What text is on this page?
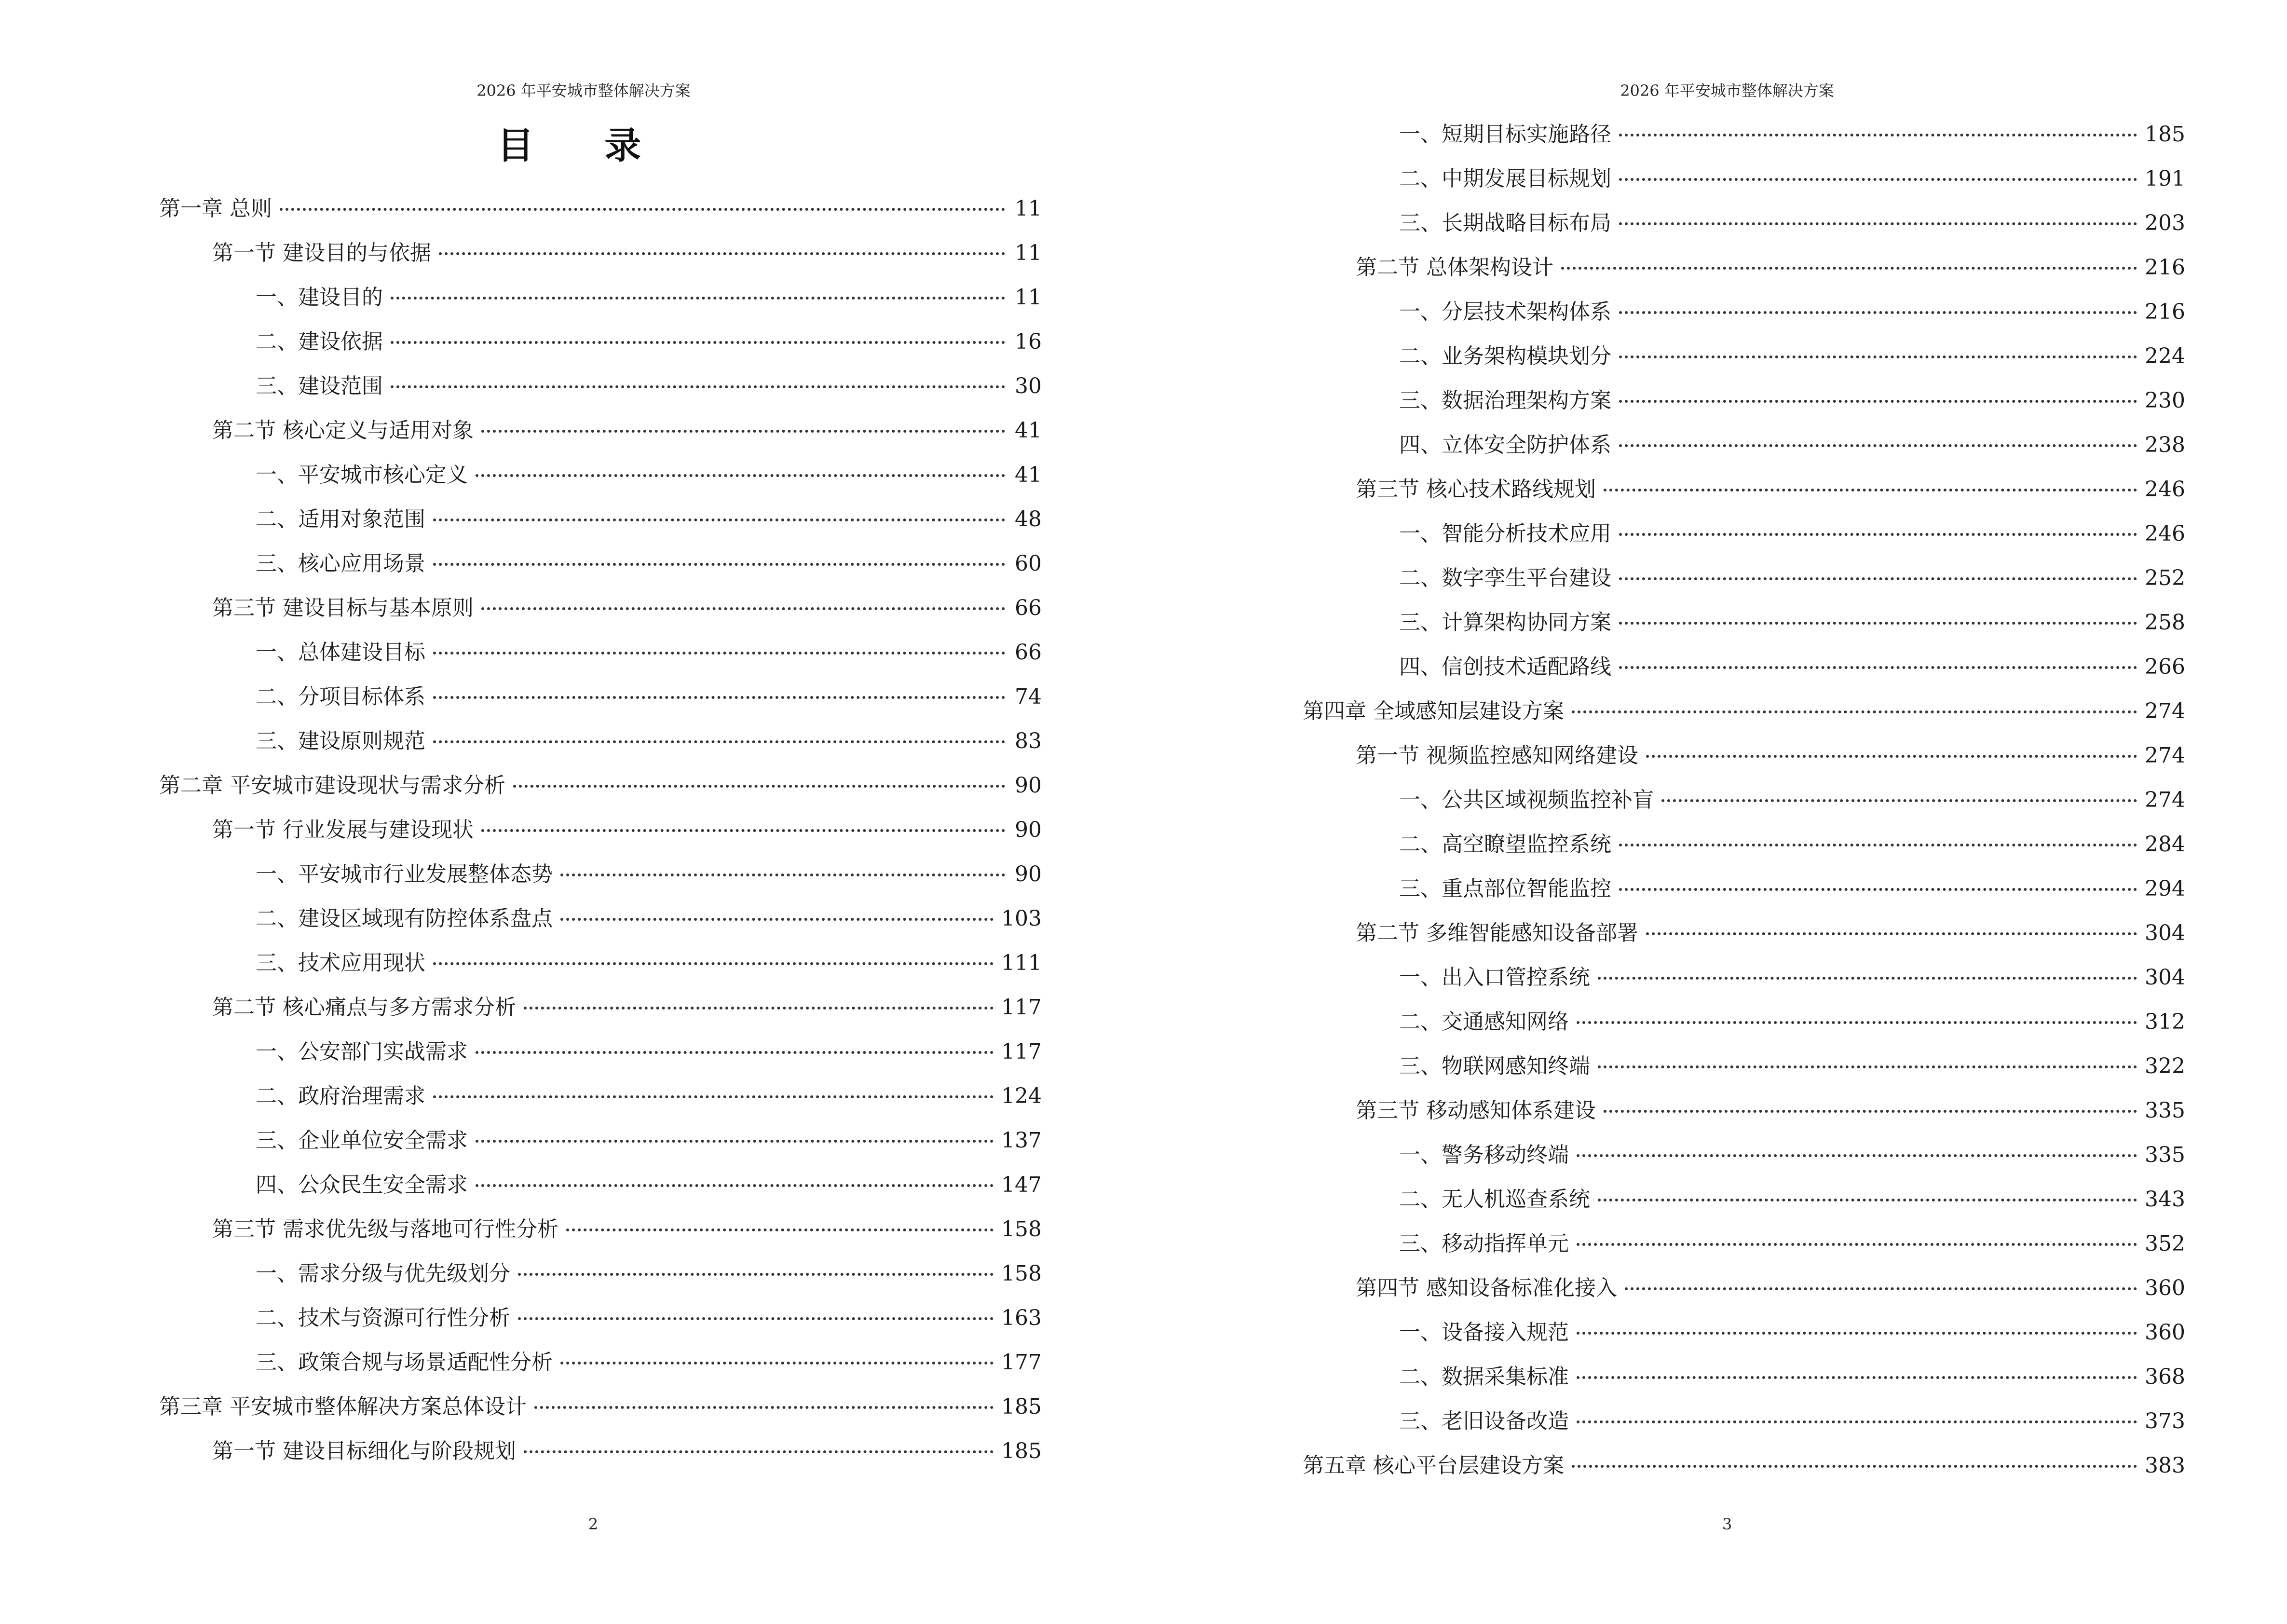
2026 年平安城市整体解决方案
目 录
第一章 总则	11
第一节 建设目的与依据	11
一、建设目的	11
二、建设依据	16
三、建设范围	30
第二节 核心定义与适用对象	41
一、平安城市核心定义	41
二、适用对象范围	48
三、核心应用场景	60
第三节 建设目标与基本原则	66
一、总体建设目标	66
二、分项目标体系	74
三、建设原则规范	83
第二章 平安城市建设现状与需求分析	90
第一节 行业发展与建设现状	90
一、平安城市行业发展整体态势	90
二、建设区域现有防控体系盘点	103
三、技术应用现状	111
第二节 核心痛点与多方需求分析	117
一、公安部门实战需求	117
二、政府治理需求	124
三、企业单位安全需求	137
四、公众民生安全需求	147
第三节 需求优先级与落地可行性分析	158
一、需求分级与优先级划分	158
二、技术与资源可行性分析	163
三、政策合规与场景适配性分析	177
第三章 平安城市整体解决方案总体设计	185
第一节 建设目标细化与阶段规划	185
2
2026 年平安城市整体解决方案
一、短期目标实施路径	185
二、中期发展目标规划	191
三、长期战略目标布局	203
第二节 总体架构设计	216
一、分层技术架构体系	216
二、业务架构模块划分	224
三、数据治理架构方案	230
四、立体安全防护体系	238
第三节 核心技术路线规划	246
一、智能分析技术应用	246
二、数字孪生平台建设	252
三、计算架构协同方案	258
四、信创技术适配路线	266
第四章 全域感知层建设方案	274
第一节 视频监控感知网络建设	274
一、公共区域视频监控补盲	274
二、高空瞭望监控系统	284
三、重点部位智能监控	294
第二节 多维智能感知设备部署	304
一、出入口管控系统	304
二、交通感知网络	312
三、物联网感知终端	322
第三节 移动感知体系建设	335
一、警务移动终端	335
二、无人机巡查系统	343
三、移动指挥单元	352
第四节 感知设备标准化接入	360
一、设备接入规范	360
二、数据采集标准	368
三、老旧设备改造	373
第五章 核心平台层建设方案	383
3
